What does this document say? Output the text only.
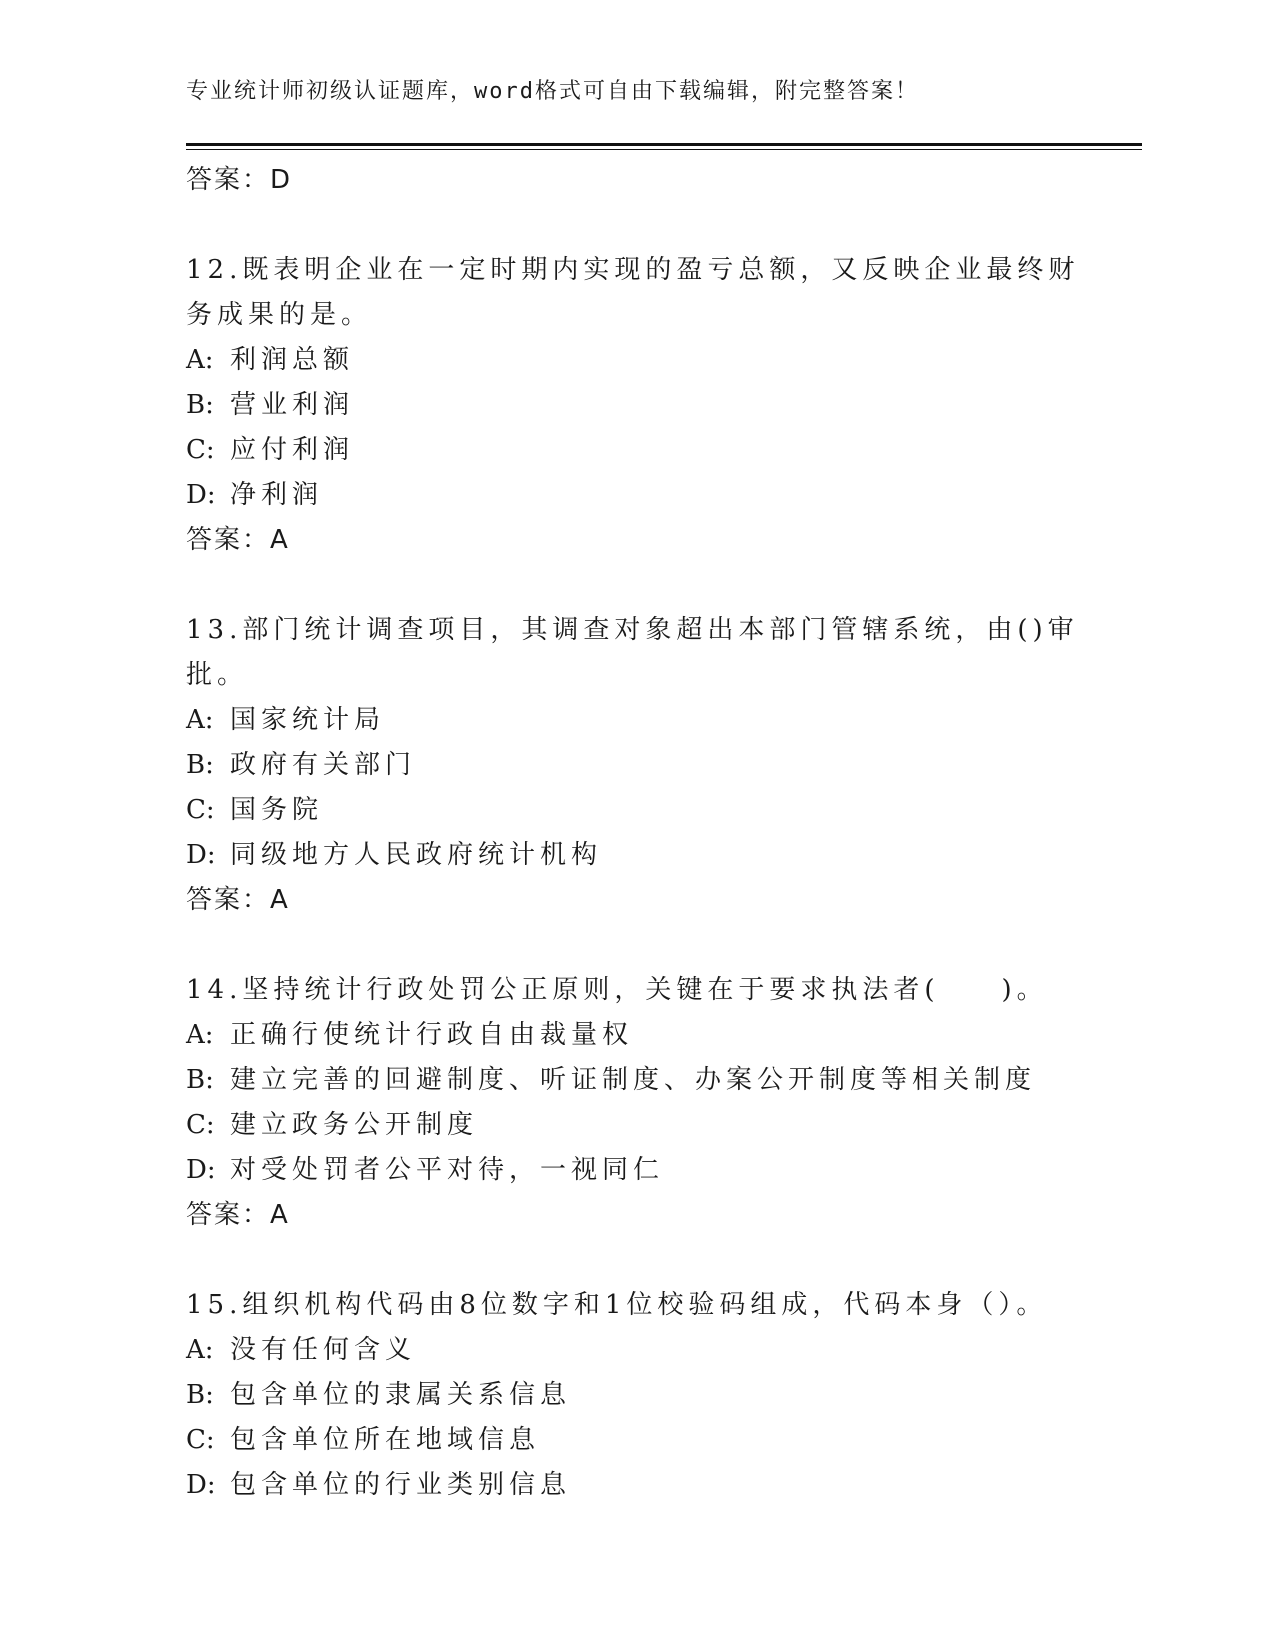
专业统计师初级认证题库，word格式可自由下载编辑，附完整答案！
答案：D
12.既表明企业在一定时期内实现的盈亏总额，又反映企业最终财务成果的是。
A: 利润总额
B: 营业利润
C: 应付利润
D: 净利润
答案：A
13.部门统计调查项目，其调查对象超出本部门管辖系统，由()审批。
A: 国家统计局
B: 政府有关部门
C: 国务院
D: 同级地方人民政府统计机构
答案：A
14.坚持统计行政处罚公正原则，关键在于要求执法者(　　)。
A: 正确行使统计行政自由裁量权
B: 建立完善的回避制度、听证制度、办案公开制度等相关制度
C: 建立政务公开制度
D: 对受处罚者公平对待，一视同仁
答案：A
15.组织机构代码由8位数字和1位校验码组成，代码本身（）。
A: 没有任何含义
B: 包含单位的隶属关系信息
C: 包含单位所在地域信息
D: 包含单位的行业类别信息
